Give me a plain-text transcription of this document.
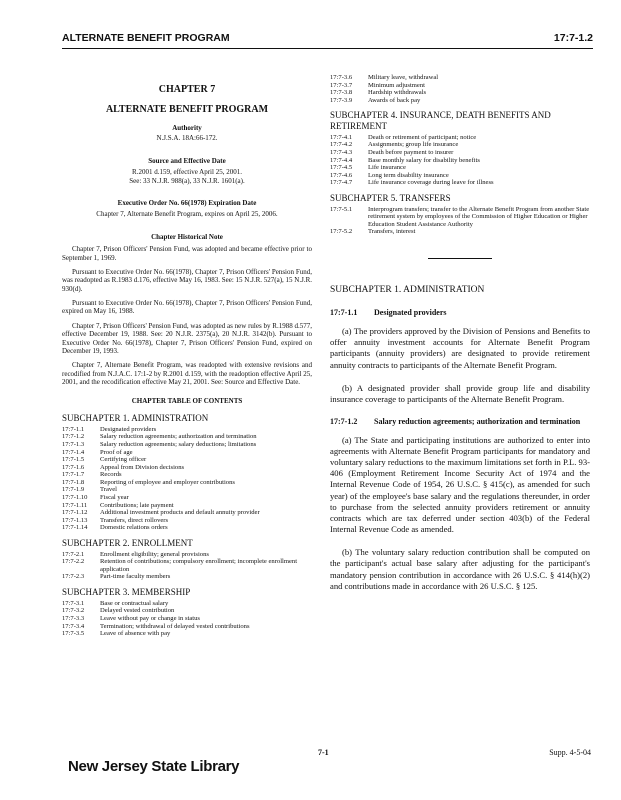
ALTERNATE BENEFIT PROGRAM	17:7-1.2
CHAPTER 7
ALTERNATE BENEFIT PROGRAM
Authority
N.J.S.A. 18A:66-172.
Source and Effective Date
R.2001 d.159, effective April 25, 2001.
See: 33 N.J.R. 988(a), 33 N.J.R. 1601(a).
Executive Order No. 66(1978) Expiration Date
Chapter 7, Alternate Benefit Program, expires on April 25, 2006.
Chapter Historical Note

Chapter 7, Prison Officers' Pension Fund, was adopted and became effective prior to September 1, 1969.

Pursuant to Executive Order No. 66(1978), Chapter 7, Prison Officers' Pension Fund, was readopted as R.1983 d.176, effective May 16, 1983. See: 15 N.J.R. 527(a), 15 N.J.R. 930(d).

Pursuant to Executive Order No. 66(1978), Chapter 7, Prison Officers' Pension Fund, expired on May 16, 1988.

Chapter 7, Prison Officers' Pension Fund, was adopted as new rules by R.1988 d.577, effective December 19, 1988. See: 20 N.J.R. 2375(a), 20 N.J.R. 3142(b). Pursuant to Executive Order No. 66(1978), Chapter 7, Prison Officers' Pension Fund, expired on December 19, 1993.

Chapter 7, Alternate Benefit Program, was readopted with extensive revisions and recodified from N.J.A.C. 17:1-2 by R.2001 d.159, with the readoption effective April 25, 2001, and the recodification effective May 21, 2001. See: Source and Effective Date.

CHAPTER TABLE OF CONTENTS
SUBCHAPTER 1. ADMINISTRATION
17:7-1.1	Designated providers
17:7-1.2	Salary reduction agreements; authorization and termination
17:7-1.3	Salary reduction agreements; salary deductions; limitations
17:7-1.4	Proof of age
17:7-1.5	Certifying officer
17:7-1.6	Appeal from Division decisions
17:7-1.7	Records
17:7-1.8	Reporting of employee and employer contributions
17:7-1.9	Travel
17:7-1.10	Fiscal year
17:7-1.11	Contributions; late payment
17:7-1.12	Additional investment products and default annuity provider
17:7-1.13	Transfers, direct rollovers
17:7-1.14	Domestic relations orders
SUBCHAPTER 2. ENROLLMENT
17:7-2.1	Enrollment eligibility; general provisions
17:7-2.2	Retention of contributions; compulsory enrollment; incomplete enrollment application
17:7-2.3	Part-time faculty members
SUBCHAPTER 3. MEMBERSHIP
17:7-3.1	Base or contractual salary
17:7-3.2	Delayed vested contribution
17:7-3.3	Leave without pay or change in status
17:7-3.4	Termination; withdrawal of delayed vested contributions
17:7-3.5	Leave of absence with pay
17:7-3.6	Military leave, withdrawal
17:7-3.7	Minimum adjustment
17:7-3.8	Hardship withdrawals
17:7-3.9	Awards of back pay
SUBCHAPTER 4. INSURANCE, DEATH BENEFITS AND RETIREMENT
17:7-4.1	Death or retirement of participant; notice
17:7-4.2	Assignments; group life insurance
17:7-4.3	Death before payment to insurer
17:7-4.4	Base monthly salary for disability benefits
17:7-4.5	Life insurance
17:7-4.6	Long term disability insurance
17:7-4.7	Life insurance coverage during leave for illness
SUBCHAPTER 5. TRANSFERS
17:7-5.1	Interprogram transfers; transfer to the Alternate Benefit Program from another State retirement system by employees of the Commission of Higher Education or Higher Education Student Assistance Authority
17:7-5.2	Transfers, interest
SUBCHAPTER 1. ADMINISTRATION
17:7-1.1	Designated providers
(a) The providers approved by the Division of Pensions and Benefits to offer annuity investment accounts for Alternate Benefit Program participants (annuity providers) are designated to provide retirement annuity contracts to participants of the Alternate Benefit Program.
(b) A designated provider shall provide group life and disability insurance coverage to participants of the Alternate Benefit Program.
17:7-1.2	Salary reduction agreements; authorization and termination
(a) The State and participating institutions are authorized to enter into agreements with Alternate Benefit Program participants for mandatory and voluntary salary reductions to the maximum limitations set forth in P.L. 93-406 (Employment Retirement Income Security Act of 1974 and the Internal Revenue Code of 1954, 26 U.S.C. § 415(c), as amended for such year) of the employee's base salary and the regulations thereunder, in order to purchase from the selected annuity providers retirement or annuity contracts which are tax deferred under section 403(b) of the Federal Internal Revenue Code as amended.
(b) The voluntary salary reduction contribution shall be computed on the participant's actual base salary after adjusting for the participant's mandatory pension contribution in accordance with 26 U.S.C. § 414(h)(2) and contributions made in accordance with 26 U.S.C. § 125.
New Jersey State Library
7-1	Supp. 4-5-04
